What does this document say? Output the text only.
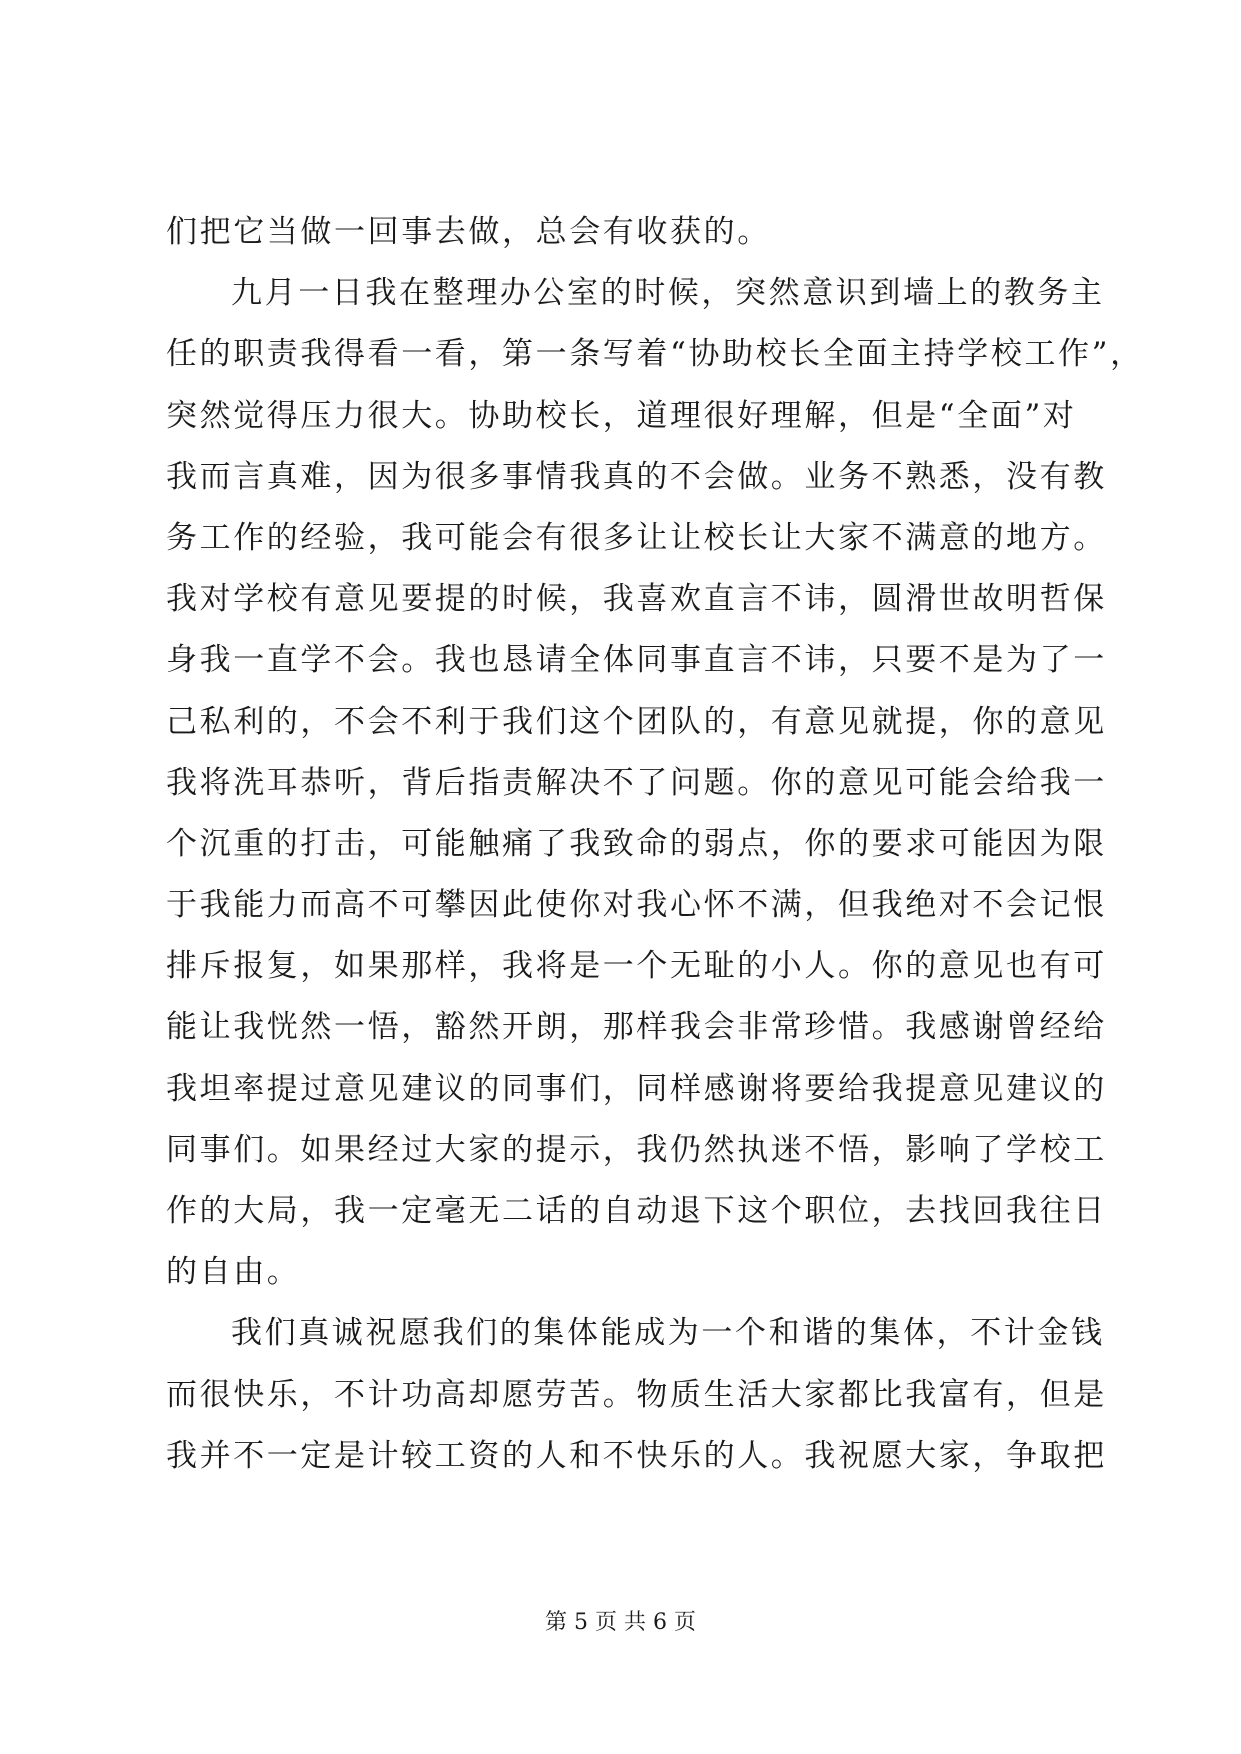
们把它当做一回事去做，总会有收获的。
九月一日我在整理办公室的时候，突然意识到墙上的教务主
任的职责我得看一看，第一条写着“协助校长全面主持学校工作”，
突然觉得压力很大。协助校长，道理很好理解，但是“全面”对
我而言真难，因为很多事情我真的不会做。业务不熟悉，没有教
务工作的经验，我可能会有很多让让校长让大家不满意的地方。
我对学校有意见要提的时候，我喜欢直言不讳，圆滑世故明哲保
身我一直学不会。我也恳请全体同事直言不讳，只要不是为了一
己私利的，不会不利于我们这个团队的，有意见就提，你的意见
我将洗耳恭听，背后指责解决不了问题。你的意见可能会给我一
个沉重的打击，可能触痛了我致命的弱点，你的要求可能因为限
于我能力而高不可攀因此使你对我心怀不满，但我绝对不会记恨
排斥报复，如果那样，我将是一个无耻的小人。你的意见也有可
能让我恍然一悟，豁然开朗，那样我会非常珍惜。我感谢曾经给
我坦率提过意见建议的同事们，同样感谢将要给我提意见建议的
同事们。如果经过大家的提示，我仍然执迷不悟，影响了学校工
作的大局，我一定毫无二话的自动退下这个职位，去找回我往日
的自由。
我们真诚祝愿我们的集体能成为一个和谐的集体，不计金钱
而很快乐，不计功高却愿劳苦。物质生活大家都比我富有，但是
我并不一定是计较工资的人和不快乐的人。我祝愿大家，争取把
第 5 页 共 6 页
